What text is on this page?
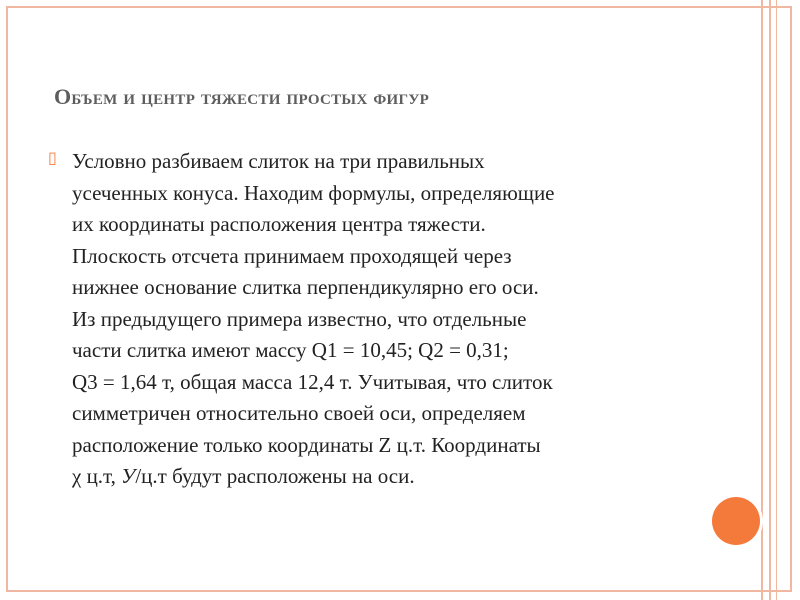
Объем и центр тяжести простых фигур
▯ Условно разбиваем слиток на три правильных
усеченных конуса. Находим формулы, определяющие
их координаты расположения центра тяжести.
Плоскость отсчета принимаем проходящей через
нижнее основание слитка перпендикулярно его оси.
Из предыдущего примера известно, что отдельные
части слитка имеют массу Q1 = 10,45; Q2 = 0,31;
Q3 = 1,64 т, общая масса 12,4 т. Учитывая, что слиток
симметричен относительно своей оси, определяем
расположение только координаты Z ц.т. Координаты
χ ц.т, У/ц.т будут расположены на оси.
